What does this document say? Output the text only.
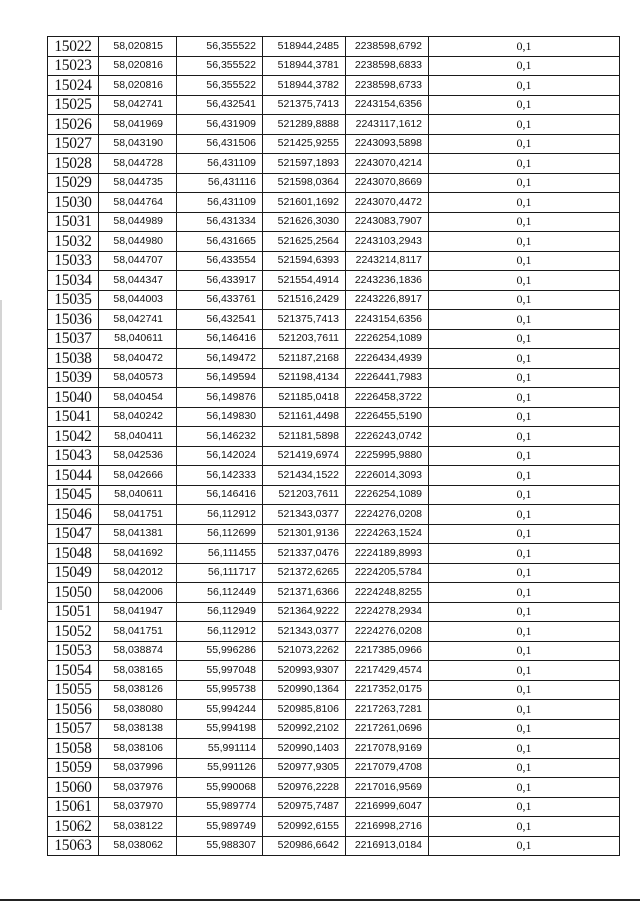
15022	58,020815	56,355522	518944,2485	2238598,6792	0,1
15023	58,020816	56,355522	518944,3781	2238598,6833	0,1
15024	58,020816	56,355522	518944,3782	2238598,6733	0,1
15025	58,042741	56,432541	521375,7413	2243154,6356	0,1
15026	58,041969	56,431909	521289,8888	2243117,1612	0,1
15027	58,043190	56,431506	521425,9255	2243093,5898	0,1
15028	58,044728	56,431109	521597,1893	2243070,4214	0,1
15029	58,044735	56,431116	521598,0364	2243070,8669	0,1
15030	58,044764	56,431109	521601,1692	2243070,4472	0,1
15031	58,044989	56,431334	521626,3030	2243083,7907	0,1
15032	58,044980	56,431665	521625,2564	2243103,2943	0,1
15033	58,044707	56,433554	521594,6393	2243214,8117	0,1
15034	58,044347	56,433917	521554,4914	2243236,1836	0,1
15035	58,044003	56,433761	521516,2429	2243226,8917	0,1
15036	58,042741	56,432541	521375,7413	2243154,6356	0,1
15037	58,040611	56,146416	521203,7611	2226254,1089	0,1
15038	58,040472	56,149472	521187,2168	2226434,4939	0,1
15039	58,040573	56,149594	521198,4134	2226441,7983	0,1
15040	58,040454	56,149876	521185,0418	2226458,3722	0,1
15041	58,040242	56,149830	521161,4498	2226455,5190	0,1
15042	58,040411	56,146232	521181,5898	2226243,0742	0,1
15043	58,042536	56,142024	521419,6974	2225995,9880	0,1
15044	58,042666	56,142333	521434,1522	2226014,3093	0,1
15045	58,040611	56,146416	521203,7611	2226254,1089	0,1
15046	58,041751	56,112912	521343,0377	2224276,0208	0,1
15047	58,041381	56,112699	521301,9136	2224263,1524	0,1
15048	58,041692	56,111455	521337,0476	2224189,8993	0,1
15049	58,042012	56,111717	521372,6265	2224205,5784	0,1
15050	58,042006	56,112449	521371,6366	2224248,8255	0,1
15051	58,041947	56,112949	521364,9222	2224278,2934	0,1
15052	58,041751	56,112912	521343,0377	2224276,0208	0,1
15053	58,038874	55,996286	521073,2262	2217385,0966	0,1
15054	58,038165	55,997048	520993,9307	2217429,4574	0,1
15055	58,038126	55,995738	520990,1364	2217352,0175	0,1
15056	58,038080	55,994244	520985,8106	2217263,7281	0,1
15057	58,038138	55,994198	520992,2102	2217261,0696	0,1
15058	58,038106	55,991114	520990,1403	2217078,9169	0,1
15059	58,037996	55,991126	520977,9305	2217079,4708	0,1
15060	58,037976	55,990068	520976,2228	2217016,9569	0,1
15061	58,037970	55,989774	520975,7487	2216999,6047	0,1
15062	58,038122	55,989749	520992,6155	2216998,2716	0,1
15063	58,038062	55,988307	520986,6642	2216913,0184	0,1
